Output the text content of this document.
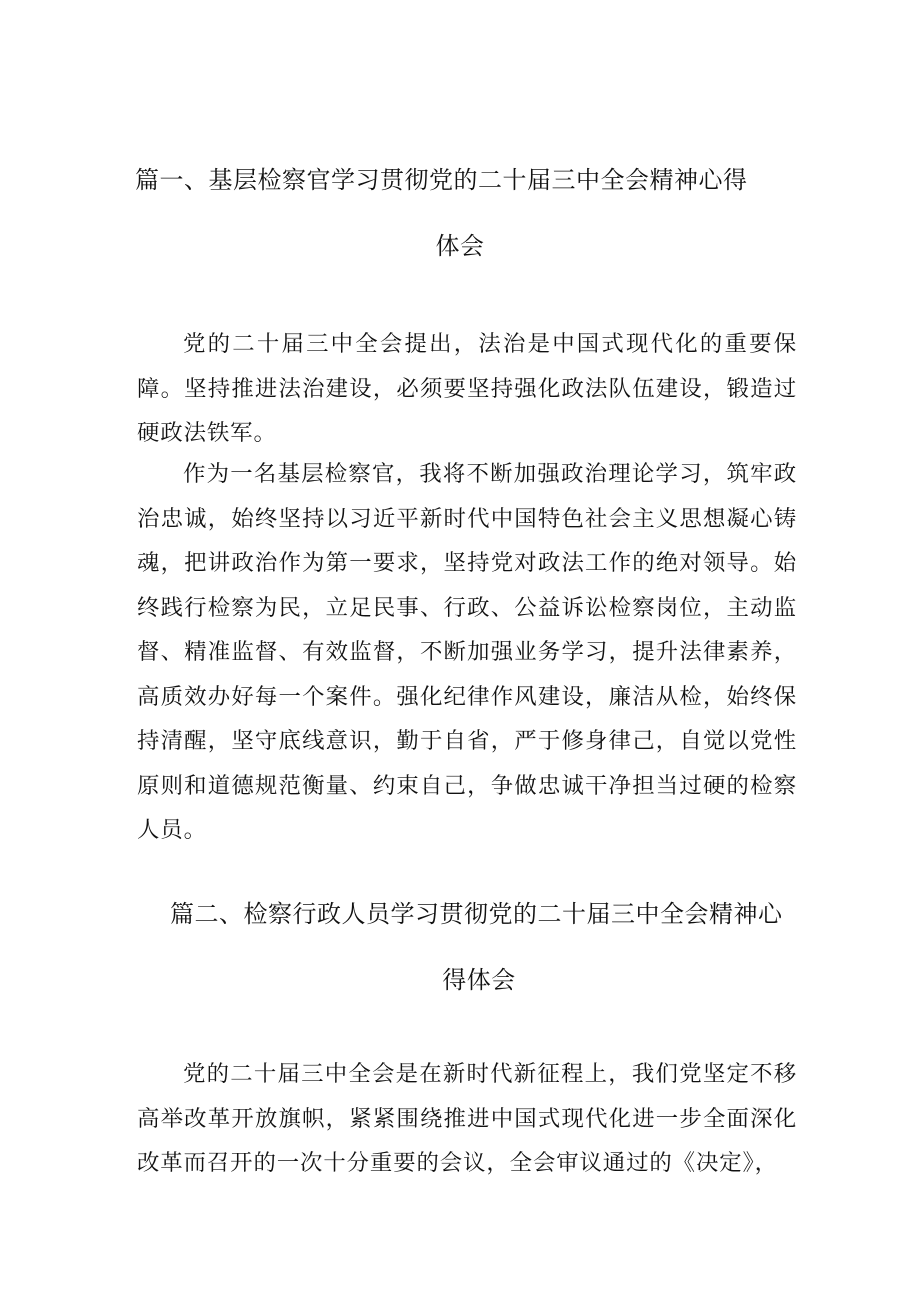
篇一、基层检察官学习贯彻党的二十届三中全会精神心得
体会

党的二十届三中全会提出，法治是中国式现代化的重要保障。坚持推进法治建设，必须要坚持强化政法队伍建设，锻造过硬政法铁军。

作为一名基层检察官，我将不断加强政治理论学习，筑牢政治忠诚，始终坚持以习近平新时代中国特色社会主义思想凝心铸魂，把讲政治作为第一要求，坚持党对政法工作的绝对领导。始终践行检察为民，立足民事、行政、公益诉讼检察岗位，主动监督、精准监督、有效监督，不断加强业务学习，提升法律素养，高质效办好每一个案件。强化纪律作风建设，廉洁从检，始终保持清醒，坚守底线意识，勤于自省，严于修身律己，自觉以党性原则和道德规范衡量、约束自己，争做忠诚干净担当过硬的检察人员。

篇二、检察行政人员学习贯彻党的二十届三中全会精神心
得体会

党的二十届三中全会是在新时代新征程上，我们党坚定不移高举改革开放旗帜，紧紧围绕推进中国式现代化进一步全面深化改革而召开的一次十分重要的会议，全会审议通过的《决定》，
